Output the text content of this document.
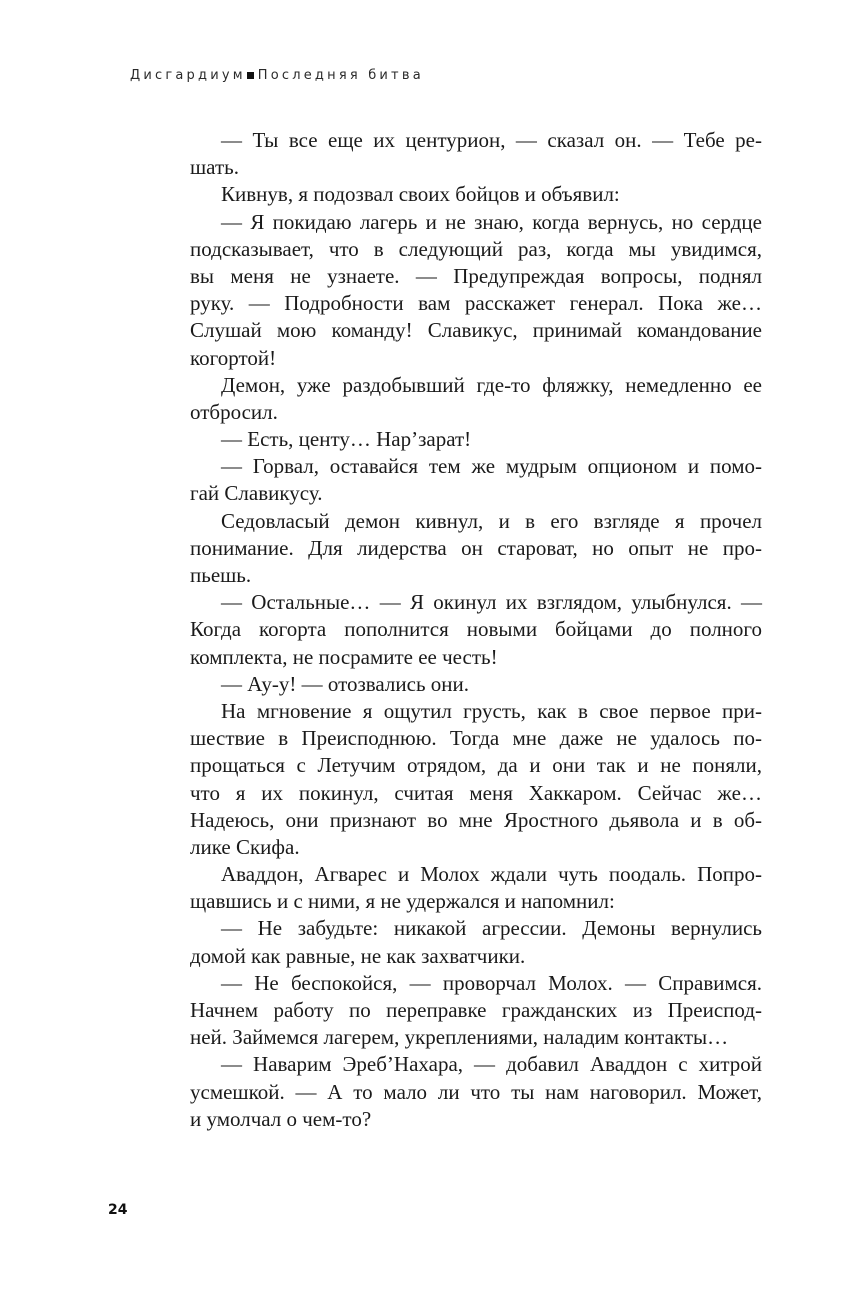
Дисгардиум Последняя битва
— Ты все еще их центурион, — сказал он. — Тебе ре-
шать.
Кивнув, я подозвал своих бойцов и объявил:
— Я покидаю лагерь и не знаю, когда вернусь, но сердце
подсказывает, что в следующий раз, когда мы увидимся,
вы меня не узнаете. — Предупреждая вопросы, поднял
руку. — Подробности вам расскажет генерал. Пока же…
Слушай мою команду! Славикус, принимай командование
когортой!
Демон, уже раздобывший где-то фляжку, немедленно ее
отбросил.
— Есть, центу… Нар’зарат!
— Горвал, оставайся тем же мудрым опционом и помо-
гай Славикусу.
Седовласый демон кивнул, и в его взгляде я прочел
понимание. Для лидерства он староват, но опыт не про-
пьешь.
— Остальные… — Я окинул их взглядом, улыбнулся. —
Когда когорта пополнится новыми бойцами до полного
комплекта, не посрамите ее честь!
— Ау-у! — отозвались они.
На мгновение я ощутил грусть, как в свое первое при-
шествие в Преисподнюю. Тогда мне даже не удалось по-
прощаться с Летучим отрядом, да и они так и не поняли,
что я их покинул, считая меня Хаккаром. Сейчас же…
Надеюсь, они признают во мне Яростного дьявола и в об-
лике Скифа.
Аваддон, Агварес и Молох ждали чуть поодаль. Попро-
щавшись и с ними, я не удержался и напомнил:
— Не забудьте: никакой агрессии. Демоны вернулись
домой как равные, не как захватчики.
— Не беспокойся, — проворчал Молох. — Справимся.
Начнем работу по переправке гражданских из Преиспод-
ней. Займемся лагерем, укреплениями, наладим контакты…
— Наварим Эреб’Нахара, — добавил Аваддон с хитрой
усмешкой. — А то мало ли что ты нам наговорил. Может,
и умолчал о чем-то?
24
